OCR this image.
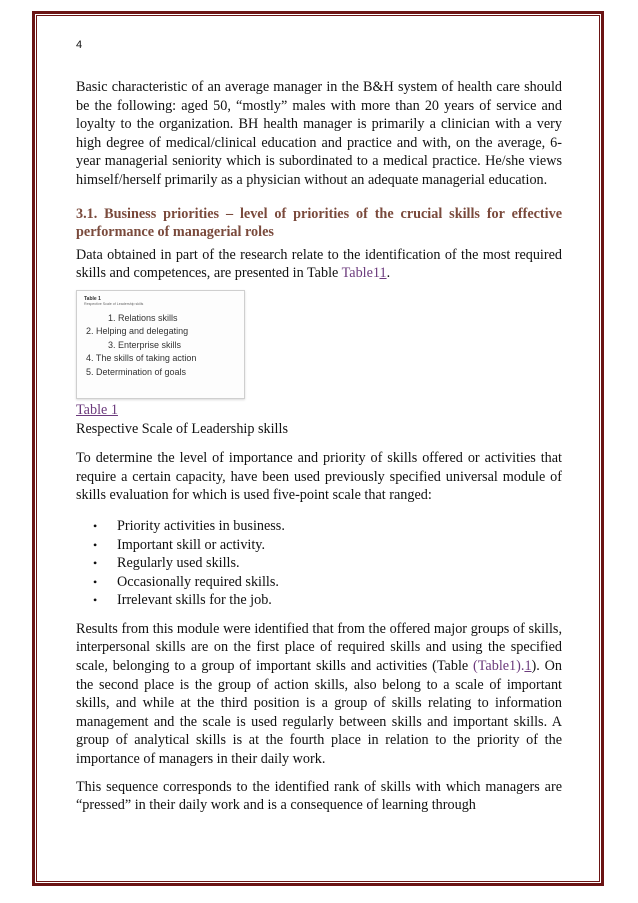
4

Basic characteristic of an average manager in the B&H system of health care should be the following: aged 50, “mostly” males with more than 20 years of service and loyalty to the organization. BH health manager is primarily a clinician with a very high degree of medical/clinical education and practice and with, on the average, 6-year managerial seniority which is subordinated to a medical practice. He/she views himself/herself primarily as a physician without an adequate managerial education.

3.1. Business priorities – level of priorities of the crucial skills for effective performance of managerial roles

Data obtained in part of the research relate to the identification of the most required skills and competences, are presented in Table Table11.

Table 1
Respective Scale of Leadership skills
1. Relations skills
2. Helping and delegating
3. Enterprise skills
4. The skills of taking action
5. Determination of goals
Table 1

Respective Scale of Leadership skills

To determine the level of importance and priority of skills offered or activities that require a certain capacity, have been used previously specified universal module of skills evaluation for which is used five-point scale that ranged:

• Priority activities in business.
• Important skill or activity.
• Regularly used skills.
• Occasionally required skills.
• Irrelevant skills for the job.

Results from this module were identified that from the offered major groups of skills, interpersonal skills are on the first place of required skills and using the specified scale, belonging to a group of important skills and activities (Table (Table1).1). On the second place is the group of action skills, also belong to a scale of important skills, and while at the third position is a group of skills relating to information management and the scale is used regularly between skills and important skills. A group of analytical skills is at the fourth place in relation to the priority of the importance of managers in their daily work.

This sequence corresponds to the identified rank of skills with which managers are “pressed” in their daily work and is a consequence of learning through
